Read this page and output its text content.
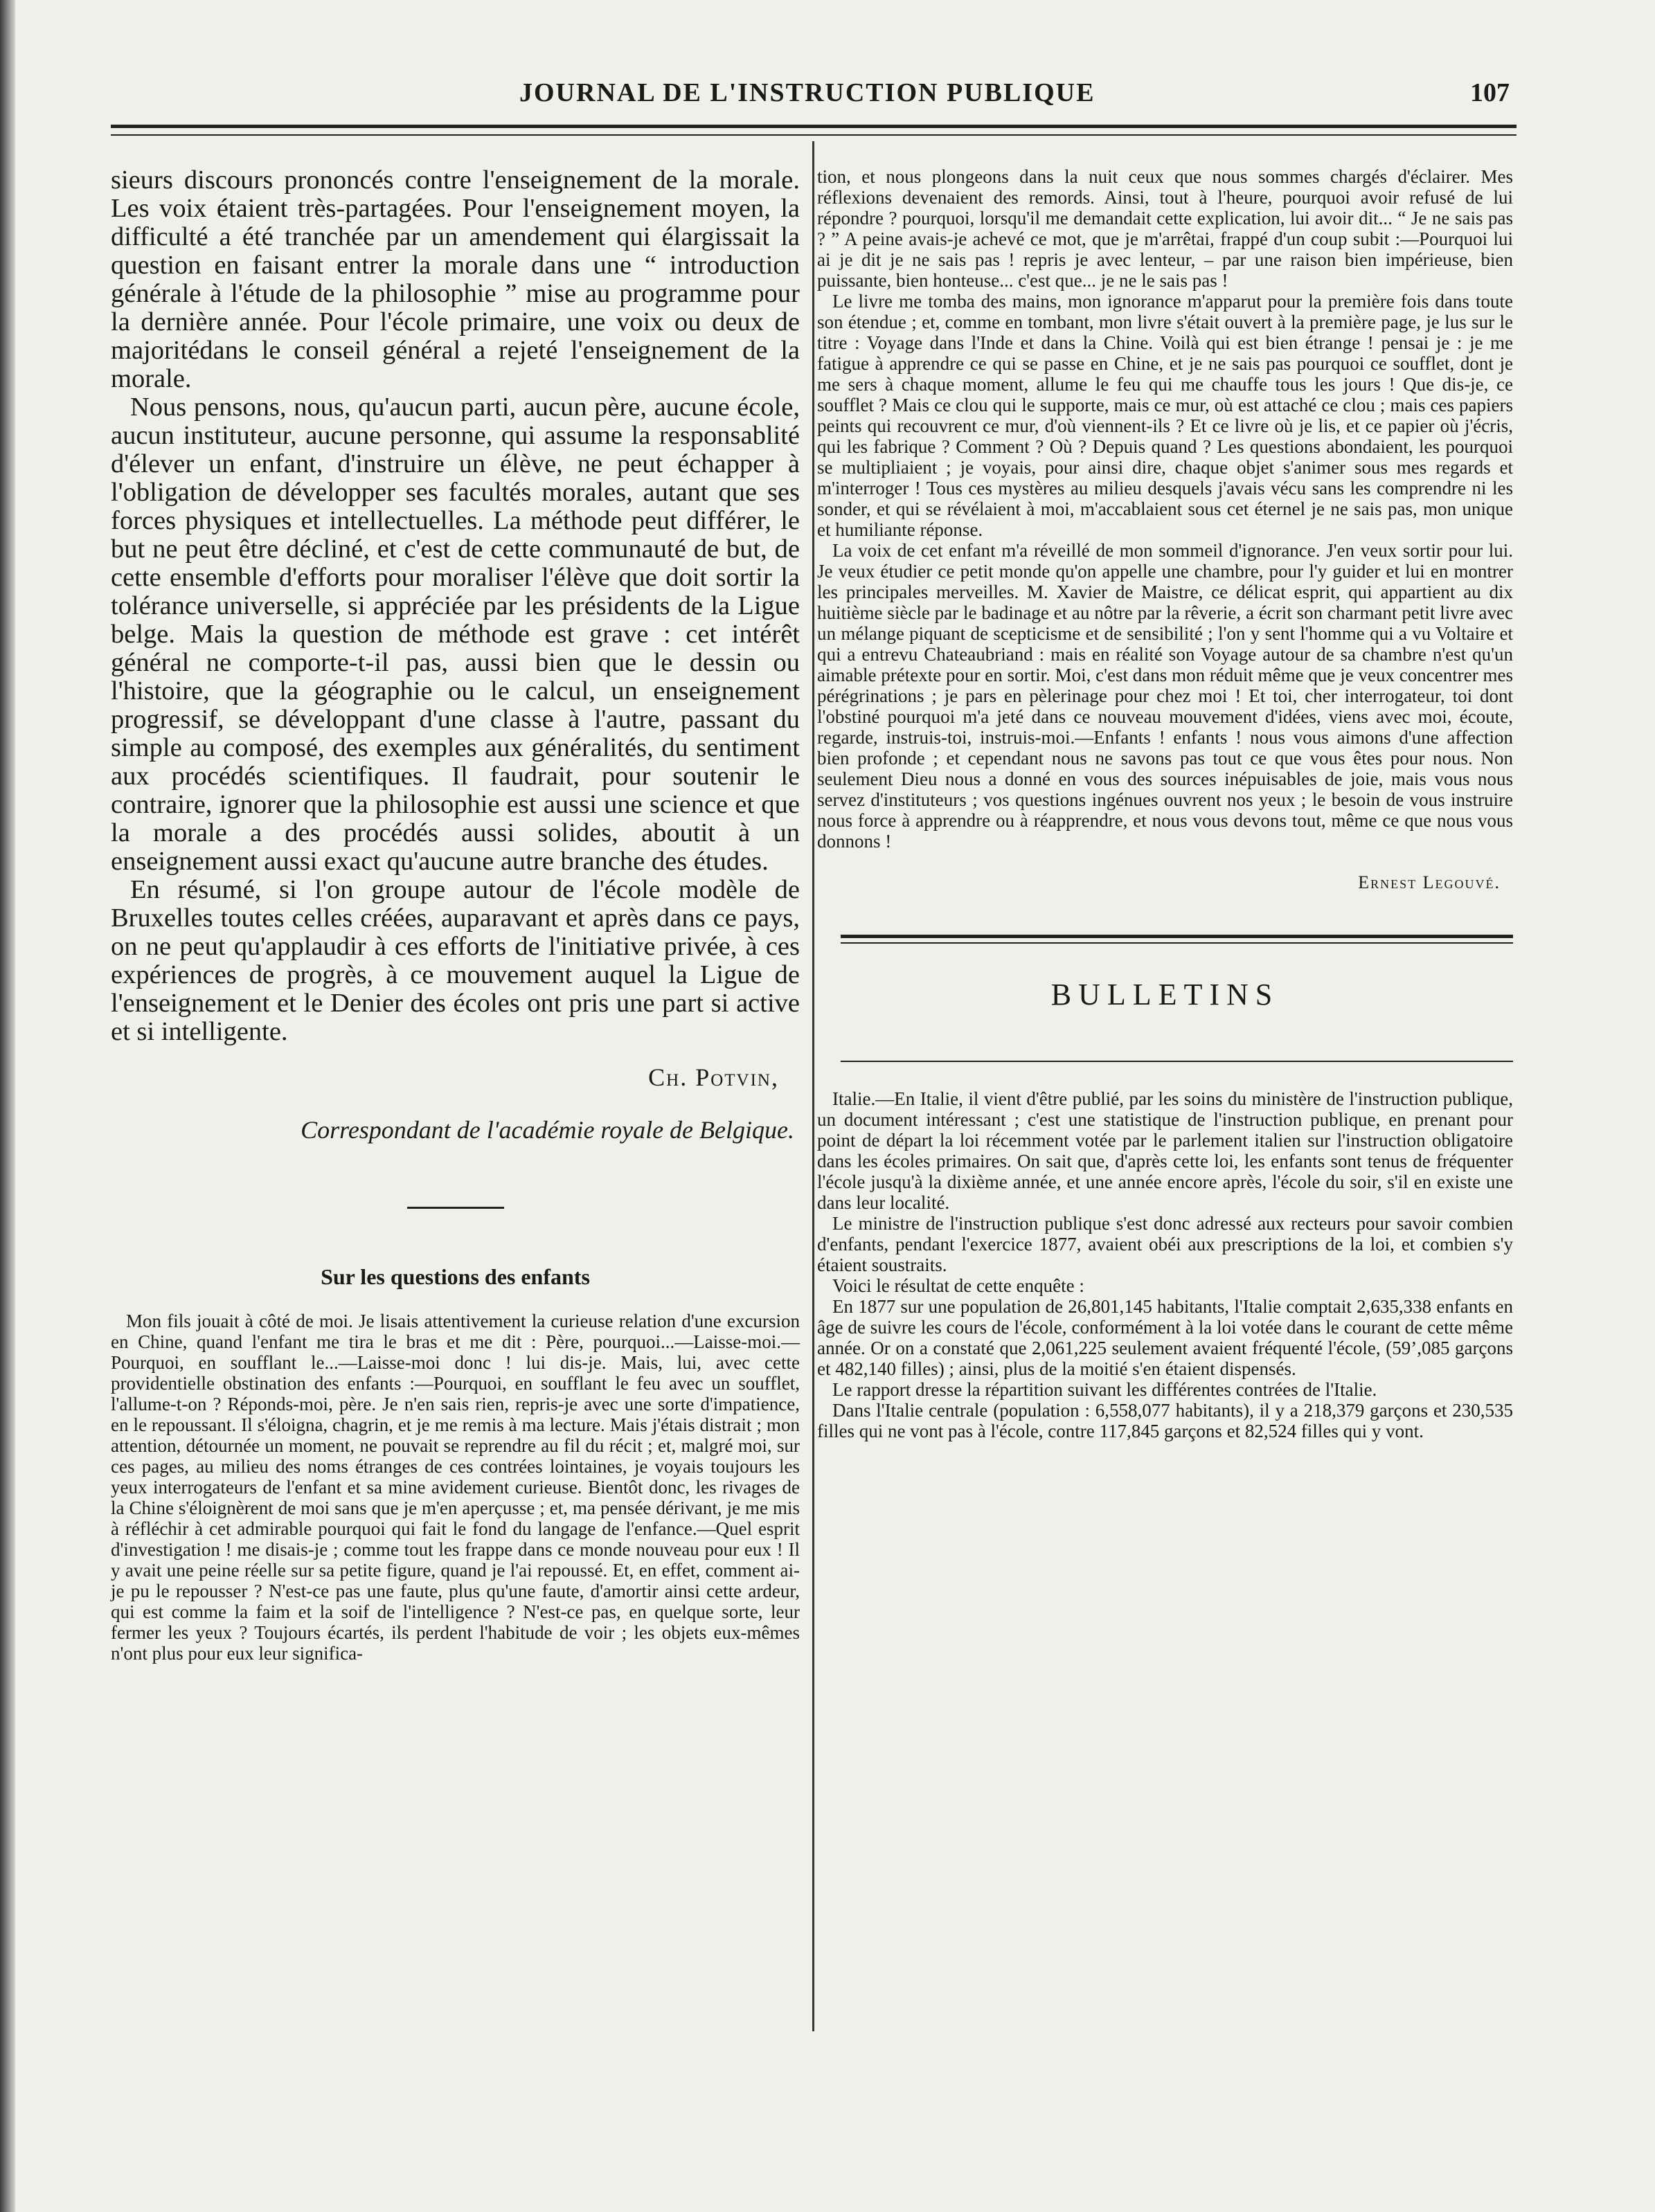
JOURNAL DE L'INSTRUCTION PUBLIQUE	107

sieurs discours prononcés contre l'enseignement de la morale. Les voix étaient très-partagées. Pour l'enseignement moyen, la difficulté a été tranchée par un amendement qui élargissait la question en faisant entrer la morale dans une “ introduction générale à l'étude de la philosophie ” mise au programme pour la dernière année. Pour l'école primaire, une voix ou deux de majoritédans le conseil général a rejeté l'enseignement de la morale.

Nous pensons, nous, qu'aucun parti, aucun père, aucune école, aucun instituteur, aucune personne, qui assume la responsablité d'élever un enfant, d'instruire un élève, ne peut échapper à l'obligation de développer ses facultés morales, autant que ses forces physiques et intellectuelles. La méthode peut différer, le but ne peut être décliné, et c'est de cette communauté de but, de cette ensemble d'efforts pour moraliser l'élève que doit sortir la tolérance universelle, si appréciée par les présidents de la Ligue belge. Mais la question de méthode est grave : cet intérêt général ne comporte-t-il pas, aussi bien que le dessin ou l'histoire, que la géographie ou le calcul, un enseignement progressif, se développant d'une classe à l'autre, passant du simple au composé, des exemples aux généralités, du sentiment aux procédés scientifiques. Il faudrait, pour soutenir le contraire, ignorer que la philosophie est aussi une science et que la morale a des procédés aussi solides, aboutit à un enseignement aussi exact qu'aucune autre branche des études.

En résumé, si l'on groupe autour de l'école modèle de Bruxelles toutes celles créées, auparavant et après dans ce pays, on ne peut qu'applaudir à ces efforts de l'initiative privée, à ces expériences de progrès, à ce mouvement auquel la Ligue de l'enseignement et le Denier des écoles ont pris une part si active et si intelligente.

Ch. Potvin,
Correspondant de l'académie royale de Belgique.
Sur les questions des enfants

Mon fils jouait à côté de moi. Je lisais attentivement la curieuse relation d'une excursion en Chine, quand l'enfant me tira le bras et me dit : Père, pourquoi...—Laisse-moi.—Pourquoi, en soufflant le...—Laisse-moi donc ! lui dis-je. Mais, lui, avec cette providentielle obstination des enfants :—Pourquoi, en soufflant le feu avec un soufflet, l'allume-t-on ? Réponds-moi, père. Je n'en sais rien, repris-je avec une sorte d'impatience, en le repoussant. Il s'éloigna, chagrin, et je me remis à ma lecture. Mais j'étais distrait ; mon attention, détournée un moment, ne pouvait se reprendre au fil du récit ; et, malgré moi, sur ces pages, au milieu des noms étranges de ces contrées lointaines, je voyais toujours les yeux interrogateurs de l'enfant et sa mine avidement curieuse. Bientôt donc, les rivages de la Chine s'éloignèrent de moi sans que je m'en aperçusse ; et, ma pensée dérivant, je me mis à réfléchir à cet admirable pourquoi qui fait le fond du langage de l'enfance.—Quel esprit d'investigation ! me disais-je ; comme tout les frappe dans ce monde nouveau pour eux ! Il y avait une peine réelle sur sa petite figure, quand je l'ai repoussé. Et, en effet, comment ai-je pu le repousser ? N'est-ce pas une faute, plus qu'une faute, d'amortir ainsi cette ardeur, qui est comme la faim et la soif de l'intelligence ? N'est-ce pas, en quelque sorte, leur fermer les yeux ? Toujours écartés, ils perdent l'habitude de voir ; les objets eux-mêmes n'ont plus pour eux leur significa-

tion, et nous plongeons dans la nuit ceux que nous sommes chargés d'éclairer. Mes réflexions devenaient des remords. Ainsi, tout à l'heure, pourquoi avoir refusé de lui répondre ? pourquoi, lorsqu'il me demandait cette explication, lui avoir dit... “ Je ne sais pas ? ” A peine avais-je achevé ce mot, que je m'arrêtai, frappé d'un coup subit :—Pourquoi lui ai je dit je ne sais pas ! repris je avec lenteur, – par une raison bien impérieuse, bien puissante, bien honteuse... c'est que... je ne le sais pas !

Le livre me tomba des mains, mon ignorance m'apparut pour la première fois dans toute son étendue ; et, comme en tombant, mon livre s'était ouvert à la première page, je lus sur le titre : Voyage dans l'Inde et dans la Chine. Voilà qui est bien étrange ! pensai je : je me fatigue à apprendre ce qui se passe en Chine, et je ne sais pas pourquoi ce soufflet, dont je me sers à chaque moment, allume le feu qui me chauffe tous les jours ! Que dis-je, ce soufflet ? Mais ce clou qui le supporte, mais ce mur, où est attaché ce clou ; mais ces papiers peints qui recouvrent ce mur, d'où viennent-ils ? Et ce livre où je lis, et ce papier où j'écris, qui les fabrique ? Comment ? Où ? Depuis quand ? Les questions abondaient, les pourquoi se multipliaient ; je voyais, pour ainsi dire, chaque objet s'animer sous mes regards et m'interroger ! Tous ces mystères au milieu desquels j'avais vécu sans les comprendre ni les sonder, et qui se révélaient à moi, m'accablaient sous cet éternel je ne sais pas, mon unique et humiliante réponse.

La voix de cet enfant m'a réveillé de mon sommeil d'ignorance. J'en veux sortir pour lui. Je veux étudier ce petit monde qu'on appelle une chambre, pour l'y guider et lui en montrer les principales merveilles. M. Xavier de Maistre, ce délicat esprit, qui appartient au dix huitième siècle par le badinage et au nôtre par la rêverie, a écrit son charmant petit livre avec un mélange piquant de scepticisme et de sensibilité ; l'on y sent l'homme qui a vu Voltaire et qui a entrevu Chateaubriand : mais en réalité son Voyage autour de sa chambre n'est qu'un aimable prétexte pour en sortir. Moi, c'est dans mon réduit même que je veux concentrer mes pérégrinations ; je pars en pèlerinage pour chez moi ! Et toi, cher interrogateur, toi dont l'obstiné pourquoi m'a jeté dans ce nouveau mouvement d'idées, viens avec moi, écoute, regarde, instruis-toi, instruis-moi.—Enfants ! enfants ! nous vous aimons d'une affection bien profonde ; et cependant nous ne savons pas tout ce que vous êtes pour nous. Non seulement Dieu nous a donné en vous des sources inépuisables de joie, mais vous nous servez d'instituteurs ; vos questions ingénues ouvrent nos yeux ; le besoin de vous instruire nous force à apprendre ou à réapprendre, et nous vous devons tout, même ce que nous vous donnons !

Ernest Legouvé.
BULLETINS

Italie.—En Italie, il vient d'être publié, par les soins du ministère de l'instruction publique, un document intéressant ; c'est une statistique de l'instruction publique, en prenant pour point de départ la loi récemment votée par le parlement italien sur l'instruction obligatoire dans les écoles primaires. On sait que, d'après cette loi, les enfants sont tenus de fréquenter l'école jusqu'à la dixième année, et une année encore après, l'école du soir, s'il en existe une dans leur localité.

Le ministre de l'instruction publique s'est donc adressé aux recteurs pour savoir combien d'enfants, pendant l'exercice 1877, avaient obéi aux prescriptions de la loi, et combien s'y étaient soustraits.

Voici le résultat de cette enquête :

En 1877 sur une population de 26,801,145 habitants, l'Italie comptait 2,635,338 enfants en âge de suivre les cours de l'école, conformément à la loi votée dans le courant de cette même année. Or on a constaté que 2,061,225 seulement avaient fréquenté l'école, (59’,085 garçons et 482,140 filles) ; ainsi, plus de la moitié s'en étaient dispensés.

Le rapport dresse la répartition suivant les différentes contrées de l'Italie.

Dans l'Italie centrale (population : 6,558,077 habitants), il y a 218,379 garçons et 230,535 filles qui ne vont pas à l'école, contre 117,845 garçons et 82,524 filles qui y vont.
